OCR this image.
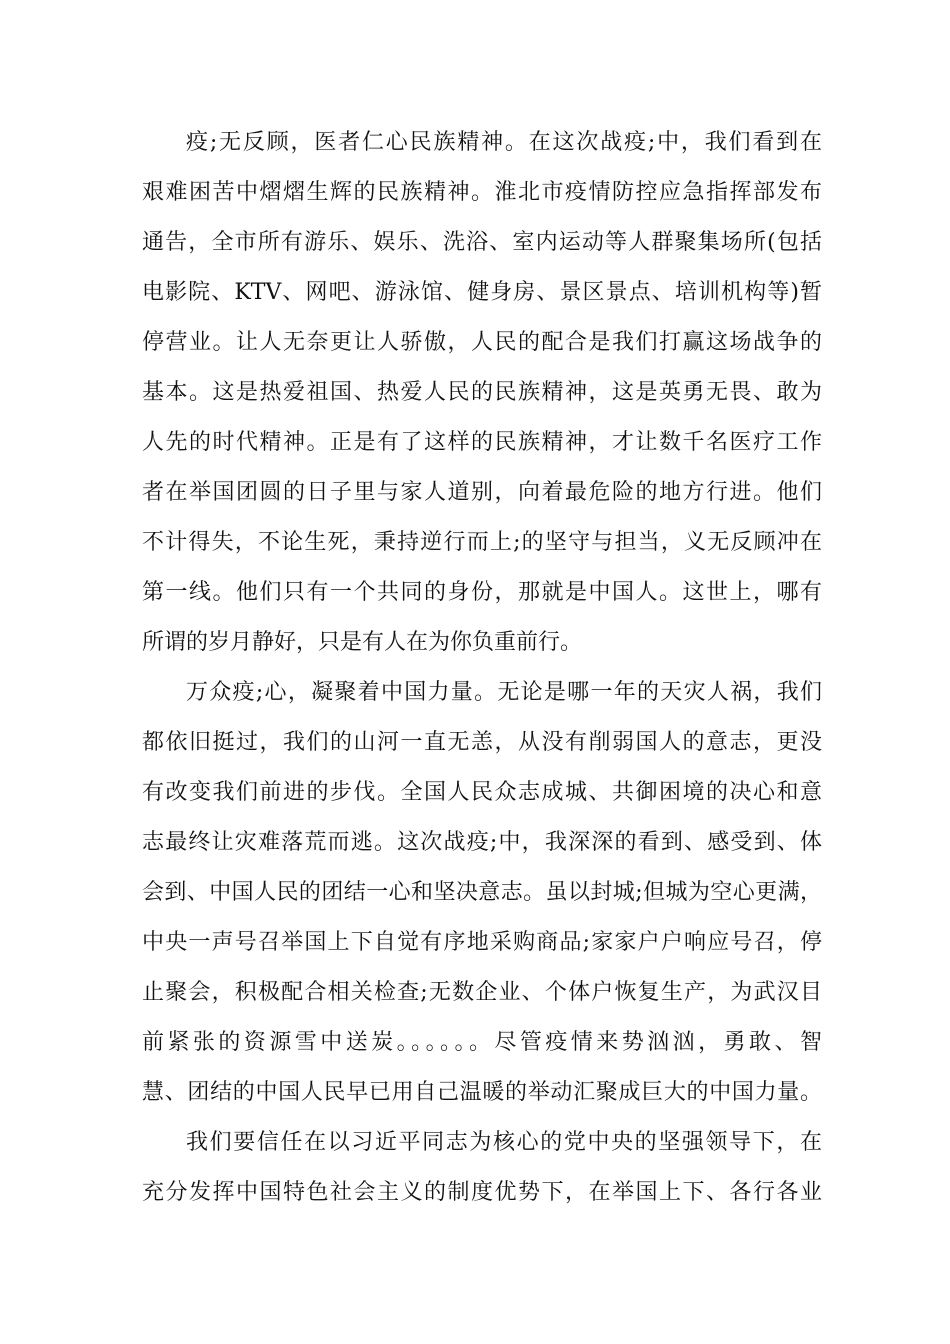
疫;无反顾，医者仁心民族精神。在这次战疫;中，我们看到在
艰难困苦中熠熠生辉的民族精神。淮北市疫情防控应急指挥部发布
通告，全市所有游乐、娱乐、洗浴、室内运动等人群聚集场所(包括
电影院、KTV、网吧、游泳馆、健身房、景区景点、培训机构等)暂
停营业。让人无奈更让人骄傲，人民的配合是我们打赢这场战争的
基本。这是热爱祖国、热爱人民的民族精神，这是英勇无畏、敢为
人先的时代精神。正是有了这样的民族精神，才让数千名医疗工作
者在举国团圆的日子里与家人道别，向着最危险的地方行进。他们
不计得失，不论生死，秉持逆行而上;的坚守与担当，义无反顾冲在
第一线。他们只有一个共同的身份，那就是中国人。这世上，哪有
所谓的岁月静好，只是有人在为你负重前行。
万众疫;心，凝聚着中国力量。无论是哪一年的天灾人祸，我们
都依旧挺过，我们的山河一直无恙，从没有削弱国人的意志，更没
有改变我们前进的步伐。全国人民众志成城、共御困境的决心和意
志最终让灾难落荒而逃。这次战疫;中，我深深的看到、感受到、体
会到、中国人民的团结一心和坚决意志。虽以封城;但城为空心更满，
中央一声号召举国上下自觉有序地采购商品;家家户户响应号召，停
止聚会，积极配合相关检查;无数企业、个体户恢复生产，为武汉目
前紧张的资源雪中送炭。。。。。。尽管疫情来势汹汹，勇敢、智
慧、团结的中国人民早已用自己温暖的举动汇聚成巨大的中国力量。
我们要信任在以习近平同志为核心的党中央的坚强领导下，在
充分发挥中国特色社会主义的制度优势下，在举国上下、各行各业
